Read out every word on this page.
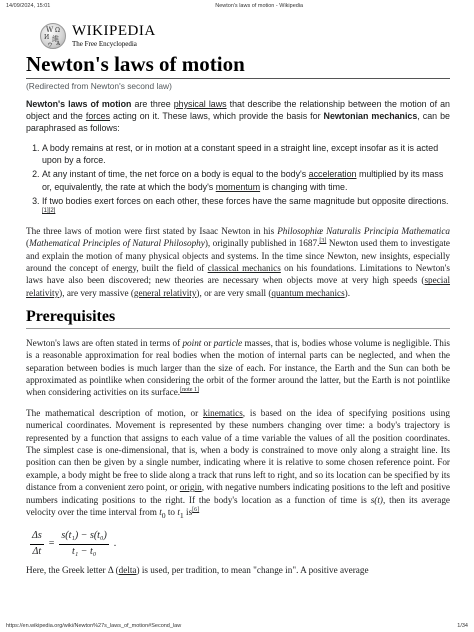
14/09/2024, 15:01	Newton's laws of motion - Wikipedia
W Ω
И 維
ウ Ѧ
WIKIPEDIA
The Free Encyclopedia
Newton's laws of motion
(Redirected from Newton's second law)

Newton's laws of motion are three physical laws that describe the relationship between the motion of an object and the forces acting on it. These laws, which provide the basis for Newtonian mechanics, can be paraphrased as follows:

1. A body remains at rest, or in motion at a constant speed in a straight line, except insofar as it is acted upon by a force.
2. At any instant of time, the net force on a body is equal to the body's acceleration multiplied by its mass or, equivalently, the rate at which the body's momentum is changing with time.
3. If two bodies exert forces on each other, these forces have the same magnitude but opposite directions.[1][2]

The three laws of motion were first stated by Isaac Newton in his Philosophiæ Naturalis Principia Mathematica (Mathematical Principles of Natural Philosophy), originally published in 1687.[3] Newton used them to investigate and explain the motion of many physical objects and systems. In the time since Newton, new insights, especially around the concept of energy, built the field of classical mechanics on his foundations. Limitations to Newton's laws have also been discovered; new theories are necessary when objects move at very high speeds (special relativity), are very massive (general relativity), or are very small (quantum mechanics).

Prerequisites

Newton's laws are often stated in terms of point or particle masses, that is, bodies whose volume is negligible. This is a reasonable approximation for real bodies when the motion of internal parts can be neglected, and when the separation between bodies is much larger than the size of each. For instance, the Earth and the Sun can both be approximated as pointlike when considering the orbit of the former around the latter, but the Earth is not pointlike when considering activities on its surface.[note 1]

The mathematical description of motion, or kinematics, is based on the idea of specifying positions using numerical coordinates. Movement is represented by these numbers changing over time: a body's trajectory is represented by a function that assigns to each value of a time variable the values of all the position coordinates. The simplest case is one-dimensional, that is, when a body is constrained to move only along a straight line. Its position can then be given by a single number, indicating where it is relative to some chosen reference point. For example, a body might be free to slide along a track that runs left to right, and so its location can be specified by its distance from a convenient zero point, or origin, with negative numbers indicating positions to the left and positive numbers indicating positions to the right. If the body's location as a function of time is s(t), then its average velocity over the time interval from $t_0$ to $t_1$ is[6]

$\frac{\Delta s}{\Delta t} = \frac{\text{s(t₁) − s(t₀)}}{\text{t₁ − t₀}}$ .

Here, the Greek letter Δ (delta) is used, per tradition, to mean "change in". A positive average

https://en.wikipedia.org/wiki/Newton%27s_laws_of_motion#Second_law	1/34
